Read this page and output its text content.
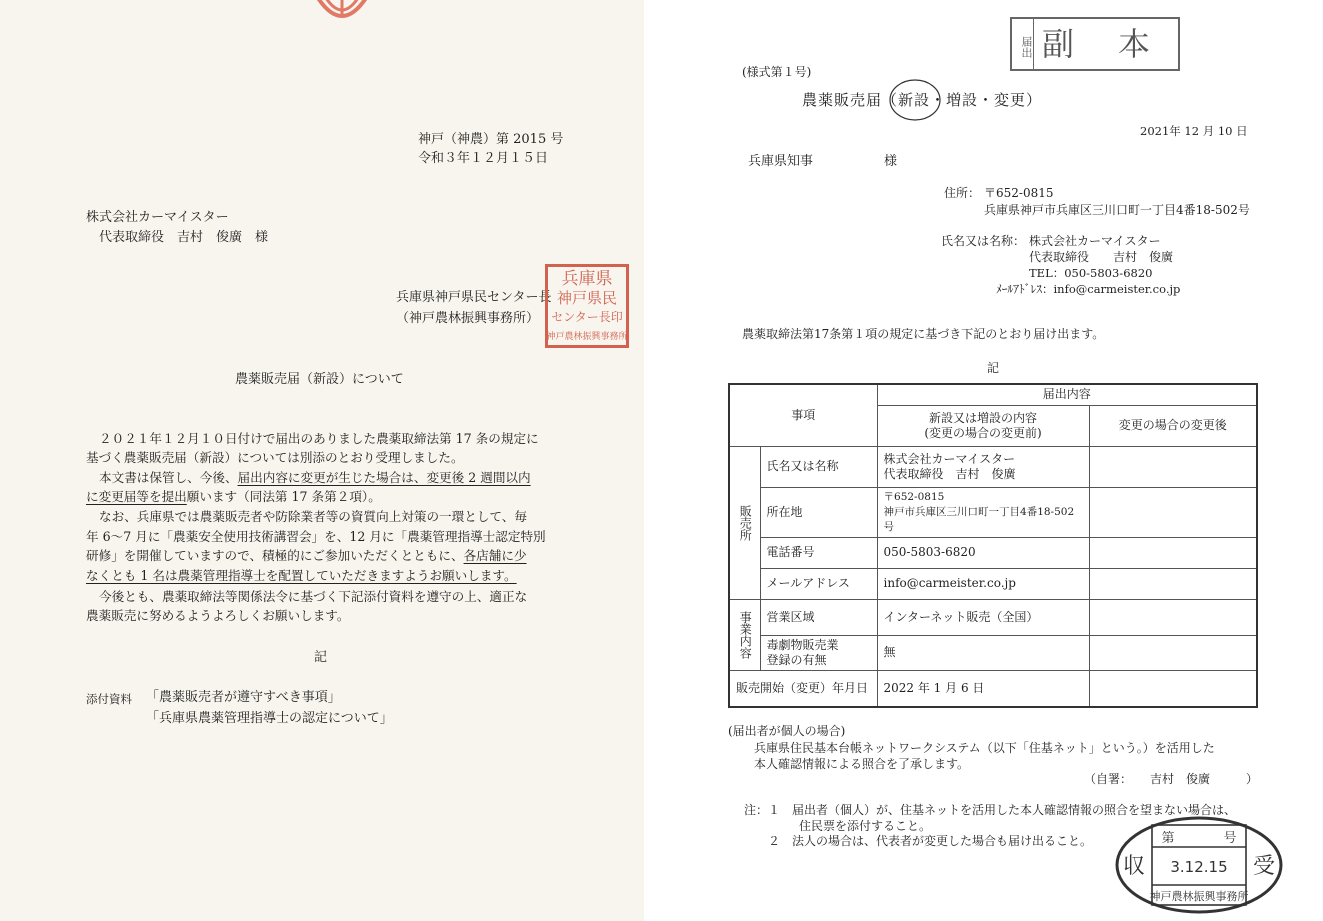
神戸（神農）第 2015 号
令和３年１２月１５日
株式会社カーマイスター
代表取締役　吉村　俊廣　様
兵庫県神戸県民センター長
（神戸農林振興事務所）
兵庫県
神戸県民
センター長印
神戸農林振興事務所
農薬販売届（新設）について
２０２１年１２月１０日付けで届出のありました農薬取締法第 17 条の規定に
基づく農薬販売届（新設）については別添のとおり受理しました。
本文書は保管し、今後、届出内容に変更が生じた場合は、変更後 2 週間以内
に変更届等を提出願います（同法第 17 条第２項）。
なお、兵庫県では農薬販売者や防除業者等の資質向上対策の一環として、毎
年 6～7 月に「農薬安全使用技術講習会」を、12 月に「農薬管理指導士認定特別
研修」を開催していますので、積極的にご参加いただくとともに、各店舗に少
なくとも 1 名は農薬管理指導士を配置していただきますようお願いします。
今後とも、農薬取締法等関係法令に基づく下記添付資料を遵守の上、適正な
農薬販売に努めるようよろしくお願いします。
記
添付資料 「農薬販売者が遵守すべき事項」
「兵庫県農薬管理指導士の認定について」
届出 副　本
(様式第１号)
農薬販売届（新設
・増設・変更）
2021年 12 月 10 日
兵庫県知事	様
住所： 〒652-0815
兵庫県神戸市兵庫区三川口町一丁目4番18-502号
氏名又は名称： 株式会社カーマイスター
代表取締役　　吉村　俊廣
TEL：050-5803-6820
ﾒｰﾙｱﾄﾞﾚｽ：info@carmeister.co.jp
農薬取締法第17条第１項の規定に基づき下記のとおり届け出ます。
記
事項		届出内容	

		新設又は増設の内容
(変更の場合の変更前)	変更の場合の変更後

販売所	氏名又は名称	株式会社カーマイスター
代表取締役　吉村　俊廣	

	所在地	〒652-0815
神戸市兵庫区三川口町一丁目4番18-502号	

	電話番号	050-5803-6820	
	メールアドレス	info@carmeister.co.jp	

事業内容	営業区域	インターネット販売（全国）	

	毒劇物販売業
登録の有無	無	
販売開始（変更）年月日		2022 年 1 月 6 日	
(届出者が個人の場合)
兵庫県住民基本台帳ネットワークシステム（以下「住基ネット」という。）を活用した
本人確認情報による照合を了承します。
（自署：　　吉村　俊廣　　　）
注：１　届出者（個人）が、住基ネットを活用した本人確認情報の照合を望まない場合は、
住民票を添付すること。
２　法人の場合は、代表者が変更した場合も届け出ること。
収	受
第	号
3.12.15
神戸農林振興事務所
